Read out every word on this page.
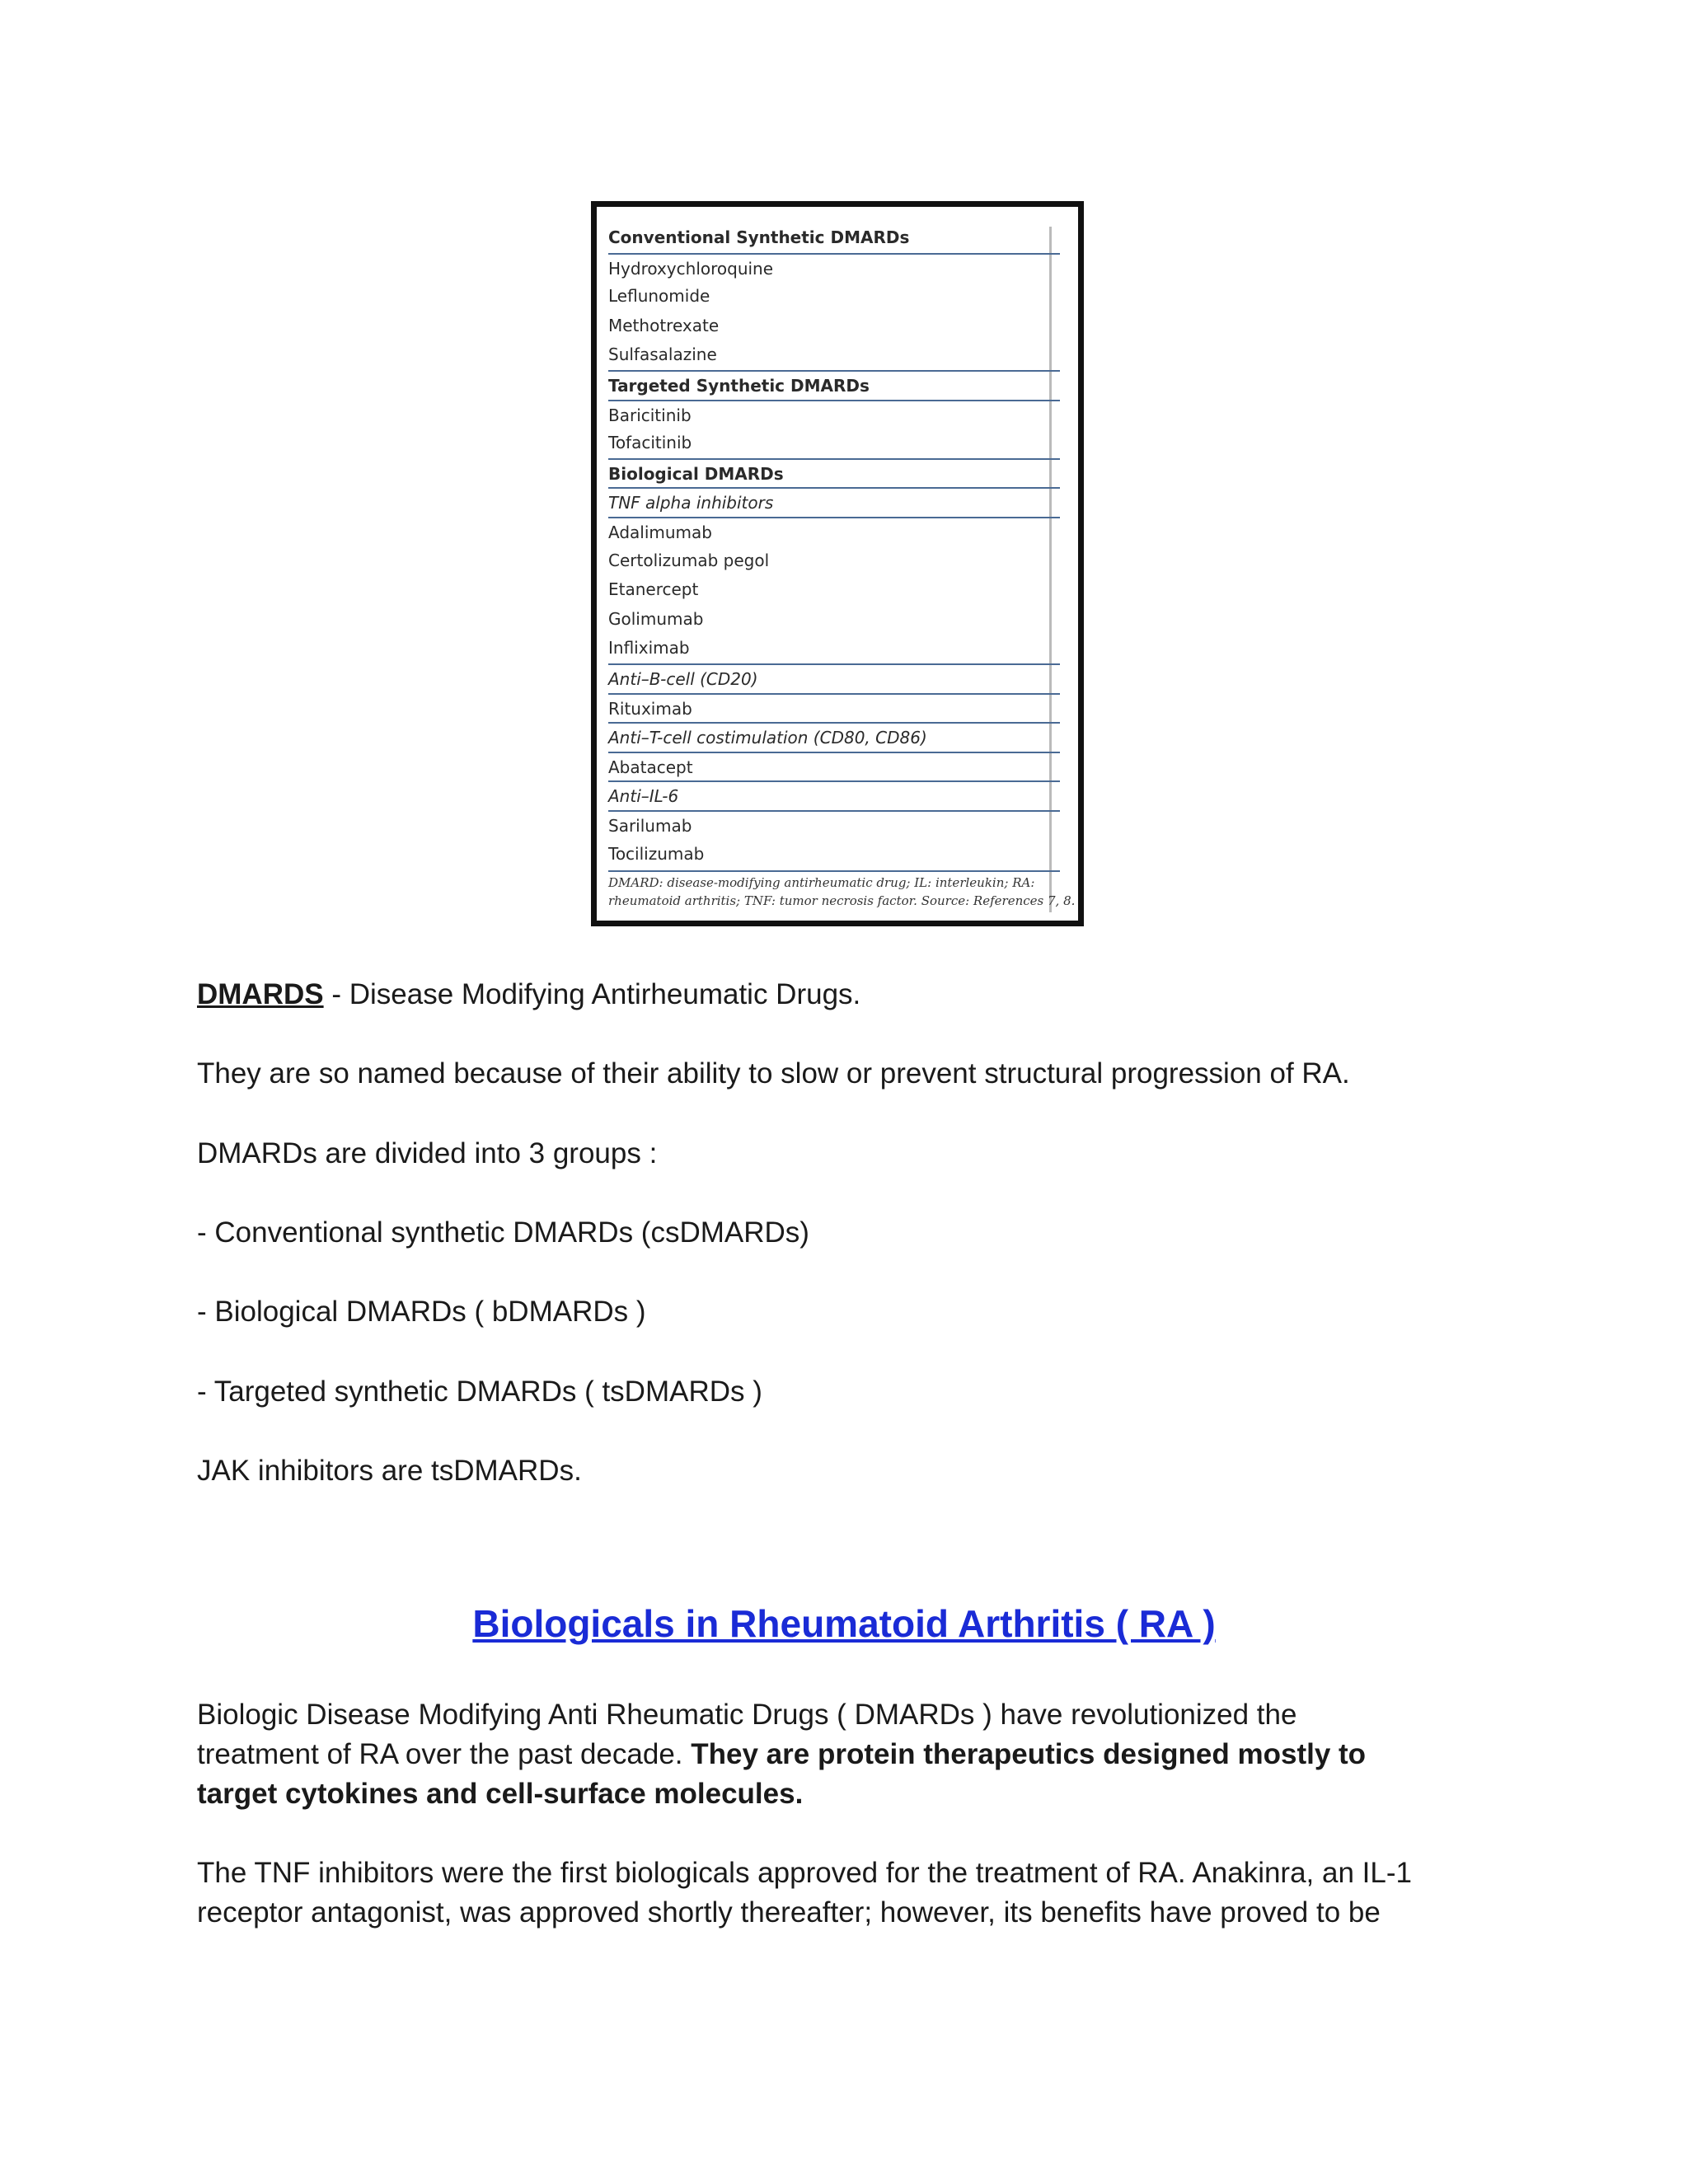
Conventional Synthetic DMARDs
Hydroxychloroquine
Leflunomide
Methotrexate
Sulfasalazine
Targeted Synthetic DMARDs
Baricitinib
Tofacitinib
Biological DMARDs
TNF alpha inhibitors
Adalimumab
Certolizumab pegol
Etanercept
Golimumab
Infliximab
Anti–B-cell (CD20)
Rituximab
Anti–T-cell costimulation (CD80, CD86)
Abatacept
Anti–IL-6
Sarilumab
Tocilizumab
DMARD: disease-modifying antirheumatic drug; IL: interleukin; RA:
rheumatoid arthritis; TNF: tumor necrosis factor. Source: References 7, 8.
DMARDS - Disease Modifying Antirheumatic Drugs.
They are so named because of their ability to slow or prevent structural progression of RA.
DMARDs are divided into 3 groups :
- Conventional synthetic DMARDs (csDMARDs)
- Biological DMARDs ( bDMARDs )
- Targeted synthetic DMARDs ( tsDMARDs )
JAK inhibitors are tsDMARDs.
Biologicals in Rheumatoid Arthritis ( RA )
Biologic Disease Modifying Anti Rheumatic Drugs ( DMARDs ) have revolutionized the
treatment of RA over the past decade. They are protein therapeutics designed mostly to
target cytokines and cell-surface molecules.
The TNF inhibitors were the first biologicals approved for the treatment of RA. Anakinra, an IL-1
receptor antagonist, was approved shortly thereafter; however, its benefits have proved to be
